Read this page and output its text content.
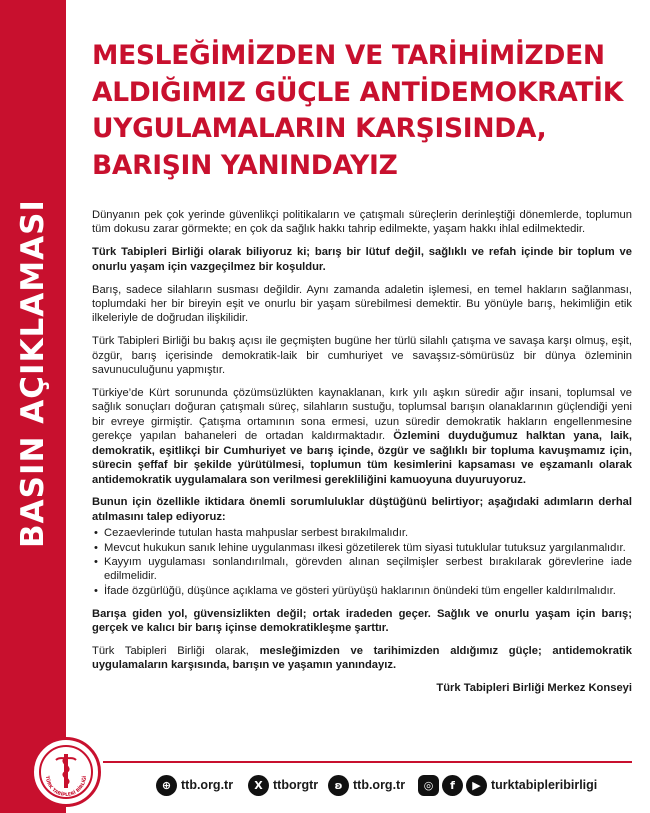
BASIN AÇIKLAMASI
MESLEĞİMİZDEN VE TARİHİMİZDEN
ALDIĞIMIZ GÜÇLE ANTİDEMOKRATİK
UYGULAMALARIN KARŞISINDA,
BARIŞIN YANINDAYIZ

Dünyanın pek çok yerinde güvenlikçi politikaların ve çatışmalı süreçlerin derinleştiği dönemlerde, toplumun tüm dokusu zarar görmekte; en çok da sağlık hakkı tahrip edilmekte, yaşam hakkı ihlal edilmektedir.

Türk Tabipleri Birliği olarak biliyoruz ki; barış bir lütuf değil, sağlıklı ve refah içinde bir toplum ve onurlu yaşam için vazgeçilmez bir koşuldur.

Barış, sadece silahların susması değildir. Aynı zamanda adaletin işlemesi, en temel hakların sağlanması, toplumdaki her bir bireyin eşit ve onurlu bir yaşam sürebilmesi demektir. Bu yönüyle barış, hekimliğin etik ilkeleriyle de doğrudan ilişkilidir.

Türk Tabipleri Birliği bu bakış açısı ile geçmişten bugüne her türlü silahlı çatışma ve savaşa karşı olmuş, eşit, özgür, barış içerisinde demokratik-laik bir cumhuriyet ve savaşsız-sömürüsüz bir dünya özleminin savunuculuğunu yapmıştır.

Türkiye’de Kürt sorununda çözümsüzlükten kaynaklanan, kırk yılı aşkın süredir ağır insani, toplumsal ve sağlık sonuçları doğuran çatışmalı süreç, silahların sustuğu, toplumsal barışın olanaklarının güçlendiği yeni bir evreye girmiştir. Çatışma ortamının sona ermesi, uzun süredir demokratik hakların engellenmesine gerekçe yapılan bahaneleri de ortadan kaldırmaktadır. Özlemini duyduğumuz halktan yana, laik, demokratik, eşitlikçi bir Cumhuriyet ve barış içinde, özgür ve sağlıklı bir topluma kavuşmamız için, sürecin şeffaf bir şekilde yürütülmesi, toplumun tüm kesimlerini kapsaması ve eşzamanlı olarak antidemokratik uygulamalara son verilmesi gerekliliğini kamuoyuna duyuruyoruz.

Bunun için özellikle iktidara önemli sorumluluklar düştüğünü belirtiyor; aşağıdaki adımların derhal atılmasını talep ediyoruz:

• Cezaevlerinde tutulan hasta mahpuslar serbest bırakılmalıdır.
• Mevcut hukukun sanık lehine uygulanması ilkesi gözetilerek tüm siyasi tutuklular tutuksuz yargılanmalıdır.
• Kayyım uygulaması sonlandırılmalı, görevden alınan seçilmişler serbest bırakılarak görevlerine iade edilmelidir.
• İfade özgürlüğü, düşünce açıklama ve gösteri yürüyüşü haklarının önündeki tüm engeller kaldırılmalıdır.

Barışa giden yol, güvensizlikten değil; ortak iradeden geçer. Sağlık ve onurlu yaşam için barış; gerçek ve kalıcı bir barış içinse demokratikleşme şarttır.

Türk Tabipleri Birliği olarak, mesleğimizden ve tarihimizden aldığımız güçle; antidemokratik uygulamaların karşısında, barışın ve yaşamın yanındayız.

Türk Tabipleri Birliği Merkez Konseyi

TÜRK TABİPLERİ BİRLİĞİ
⊕ ttb.org.tr	X ttborgtr	ʚ ttb.org.tr	◎	f	▶ turktabipleribirligi
